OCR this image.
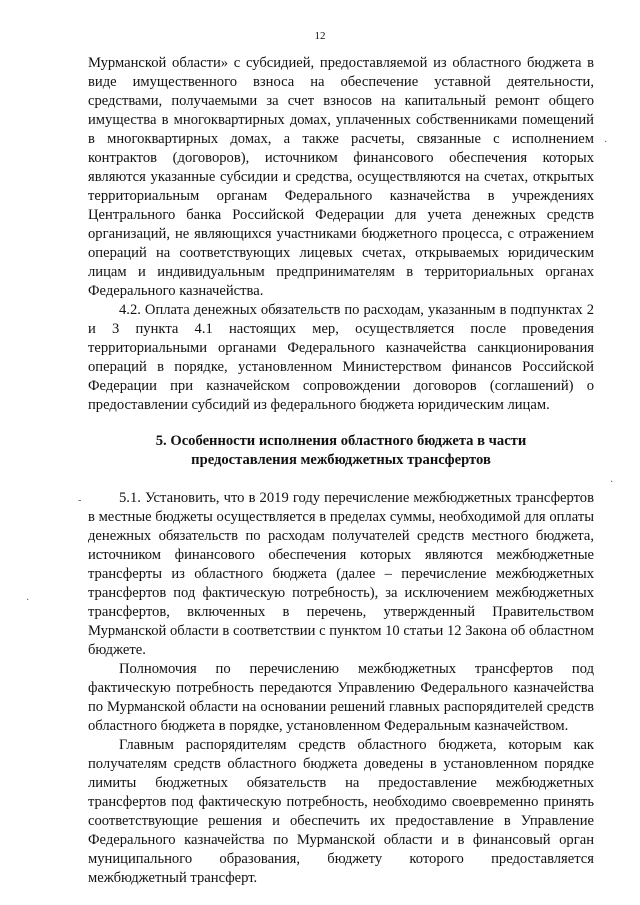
12

Мурманской области» с субсидией, предоставляемой из областного бюджета в виде имущественного взноса на обеспечение уставной деятельности, средствами, получаемыми за счет взносов на капитальный ремонт общего имущества в многоквартирных домах, уплаченных собственниками помещений в многоквартирных домах, а также расчеты, связанные с исполнением контрактов (договоров), источником финансового обеспечения которых являются указанные субсидии и средства, осуществляются на счетах, открытых территориальным органам Федерального казначейства в учреждениях Центрального банка Российской Федерации для учета денежных средств организаций, не являющихся участниками бюджетного процесса, с отражением операций на соответствующих лицевых счетах, открываемых юридическим лицам и индивидуальным предпринимателям в территориальных органах Федерального казначейства.

4.2. Оплата денежных обязательств по расходам, указанным в подпунктах 2 и 3 пункта 4.1 настоящих мер, осуществляется после проведения территориальными органами Федерального казначейства санкционирования операций в порядке, установленном Министерством финансов Российской Федерации при казначейском сопровождении договоров (соглашений) о предоставлении субсидий из федерального бюджета юридическим лицам.

5. Особенности исполнения областного бюджета в части
предоставления межбюджетных трансфертов

5.1. Установить, что в 2019 году перечисление межбюджетных трансфертов в местные бюджеты осуществляется в пределах суммы, необходимой для оплаты денежных обязательств по расходам получателей средств местного бюджета, источником финансового обеспечения которых являются межбюджетные трансферты из областного бюджета (далее – перечисление межбюджетных трансфертов под фактическую потребность), за исключением межбюджетных трансфертов, включенных в перечень, утвержденный Правительством Мурманской области в соответствии с пунктом 10 статьи 12 Закона об областном бюджете.

Полномочия по перечислению межбюджетных трансфертов под фактическую потребность передаются Управлению Федерального казначейства по Мурманской области на основании решений главных распорядителей средств областного бюджета в порядке, установленном Федеральным казначейством.

Главным распорядителям средств областного бюджета, которым как получателям средств областного бюджета доведены в установленном порядке лимиты бюджетных обязательств на предоставление межбюджетных трансфертов под фактическую потребность, необходимо своевременно принять соответствующие решения и обеспечить их предоставление в Управление Федерального казначейства по Мурманской области и в финансовый орган муниципального образования, бюджету которого предоставляется межбюджетный трансферт.

·
-
·
·
